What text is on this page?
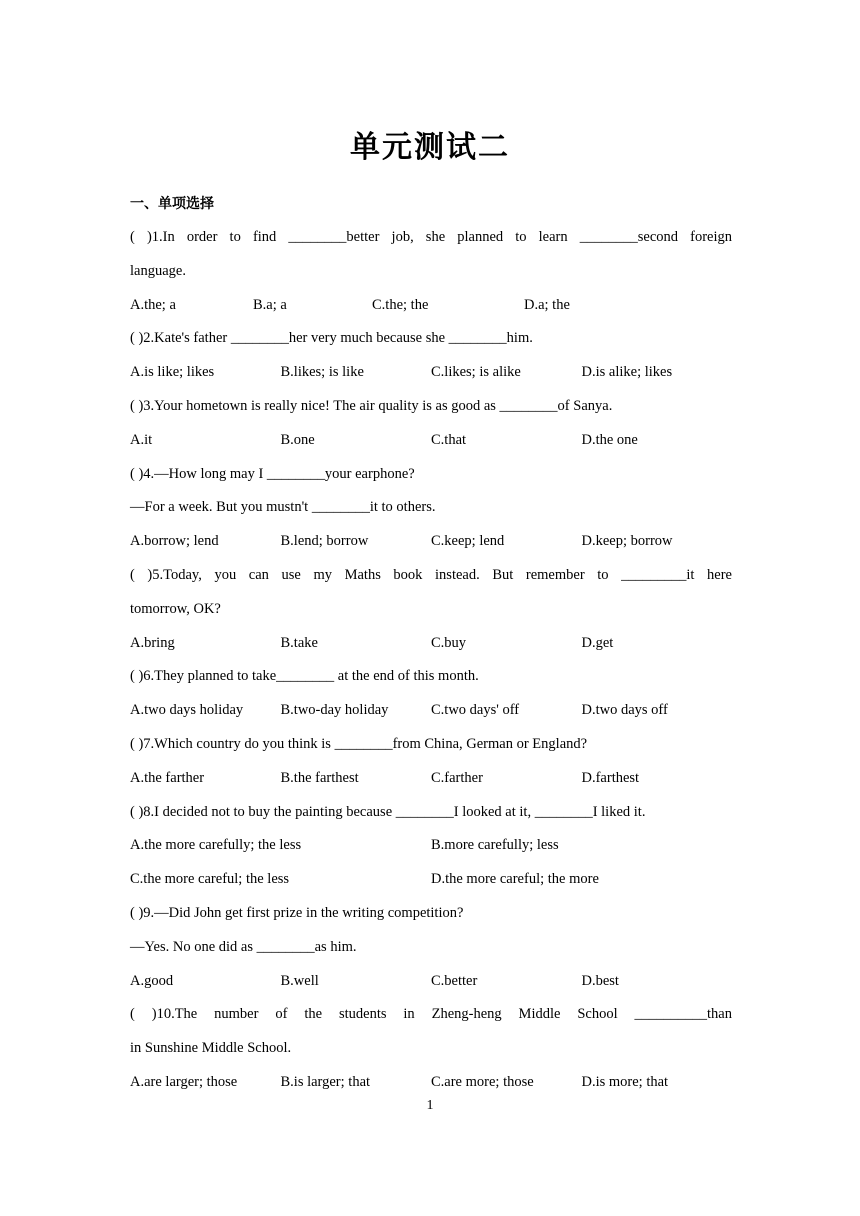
单元测试二
一、单项选择
( )1.In order to find ________better job, she planned to learn ________second foreign
language.
A.the; a	B.a; a	C.the; the	D.a; the
( )2.Kate's father ________her very much because she ________him.
A.is like; likes	B.likes; is like	C.likes; is alike	D.is alike; likes
( )3.Your hometown is really nice! The air quality is as good as ________of Sanya.
A.it	B.one	C.that	D.the one
( )4.—How long may I ________your earphone?
—For a week. But you mustn't ________it to others.
A.borrow; lend	B.lend; borrow	C.keep; lend	D.keep; borrow
( )5.Today, you can use my Maths book instead. But remember to _________it here
tomorrow, OK?
A.bring	B.take	C.buy	D.get
( )6.They planned to take________ at the end of this month.
A.two days holiday	B.two-day holiday	C.two days' off	D.two days off
( )7.Which country do you think is ________from China, German or England?
A.the farther	B.the farthest	C.farther	D.farthest
( )8.I decided not to buy the painting because ________I looked at it, ________I liked it.
A.the more carefully; the less	B.more carefully; less
C.the more careful; the less	D.the more careful; the more
( )9.—Did John get first prize in the writing competition?
—Yes. No one did as ________as him.
A.good	B.well	C.better	D.best
( )10.The number of the students in Zheng-heng Middle School __________than
in Sunshine Middle School.
A.are larger; those	B.is larger; that	C.are more; those	D.is more; that
1
